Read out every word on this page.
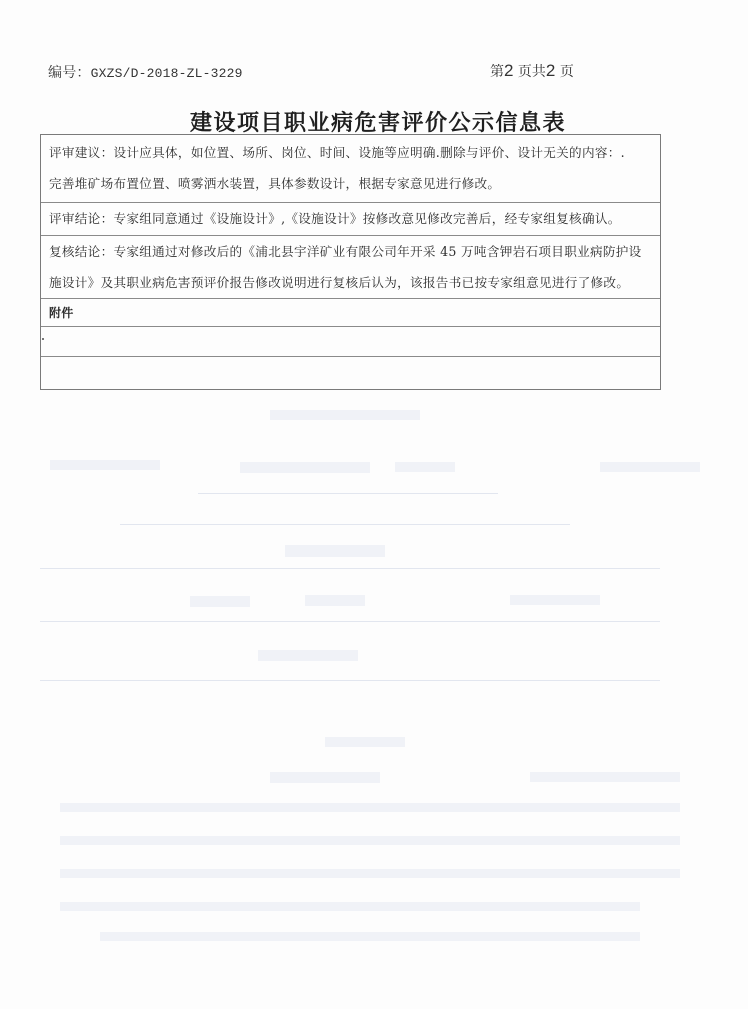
编号：GXZS/D-2018-ZL-3229	第2 页共2 页
建设项目职业病危害评价公示信息表
评审建议：设计应具体，如位置、场所、岗位、时间、设施等应明确.删除与评价、设计无关的内容：.
完善堆矿场布置位置、喷雾洒水装置，具体参数设计，根据专家意见进行修改。
评审结论：专家组同意通过《设施设计》,《设施设计》按修改意见修改完善后，经专家组复核确认。
复核结论：专家组通过对修改后的《浦北县宇洋矿业有限公司年开采 45 万吨含钾岩石项目职业病防护设
施设计》及其职业病危害预评价报告修改说明进行复核后认为，该报告书已按专家组意见进行了修改。
附件
